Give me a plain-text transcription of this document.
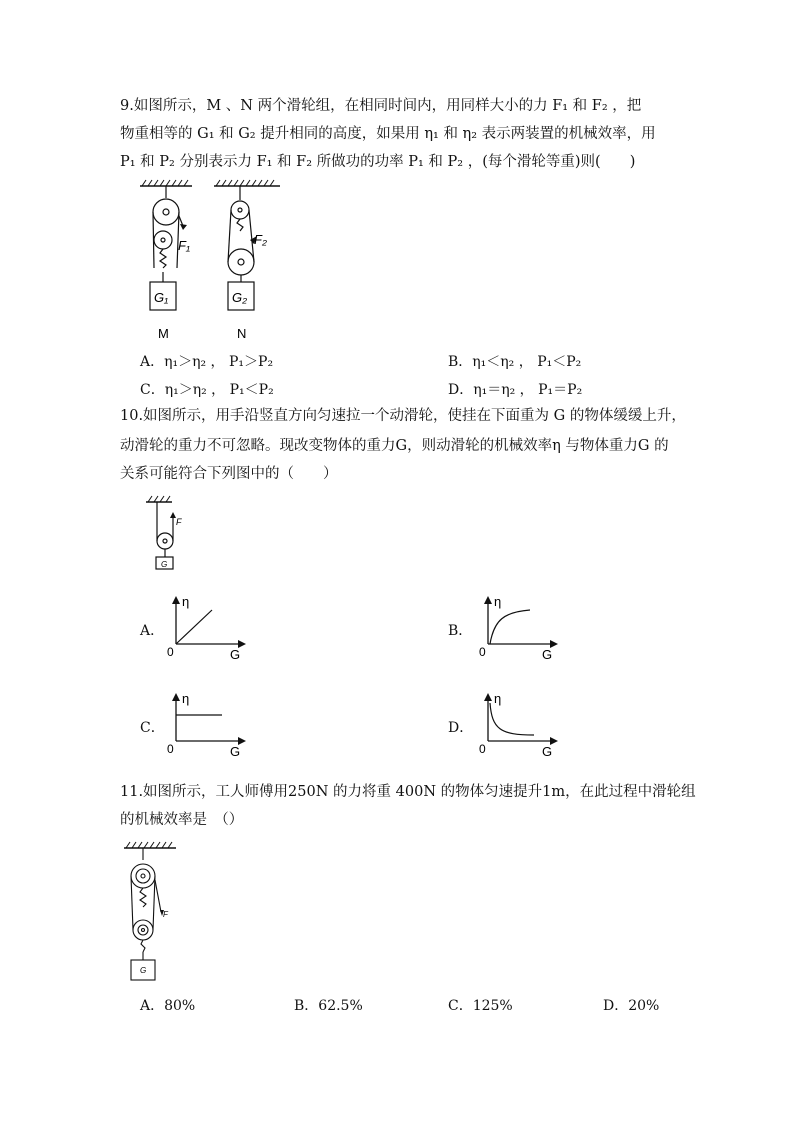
9.如图所示，M 、N 两个滑轮组，在相同时间内，用同样大小的力 F₁ 和 F₂ ，把
物重相等的 G₁ 和 G₂ 提升相同的高度，如果用 η₁ 和 η₂ 表示两装置的机械效率，用
P₁ 和 P₂ 分别表示力 F₁ 和 F₂ 所做功的功率 P₁ 和 P₂ ，(每个滑轮等重)则(　　)
F₁
G₁
M
F₂
G₂
N
A．η₁＞η₂ ， P₁＞P₂	B．η₁＜η₂ ， P₁＜P₂
C．η₁＞η₂ ， P₁＜P₂	D．η₁＝η₂ ， P₁＝P₂
10.如图所示，用手沿竖直方向匀速拉一个动滑轮，使挂在下面重为 G 的物体缓缓上升，
动滑轮的重力不可忽略。现改变物体的重力G，则动滑轮的机械效率η 与物体重力G 的
关系可能符合下列图中的（　　）
F
G
A．
η
G
0
B．
η
G
0
C．
η
G
0
D．
η
G
0
11.如图所示，工人师傅用250N 的力将重 400N 的物体匀速提升1m，在此过程中滑轮组
的机械效率是　（）
F
G
A．80%	B．62.5%	C．125%	D．20%
